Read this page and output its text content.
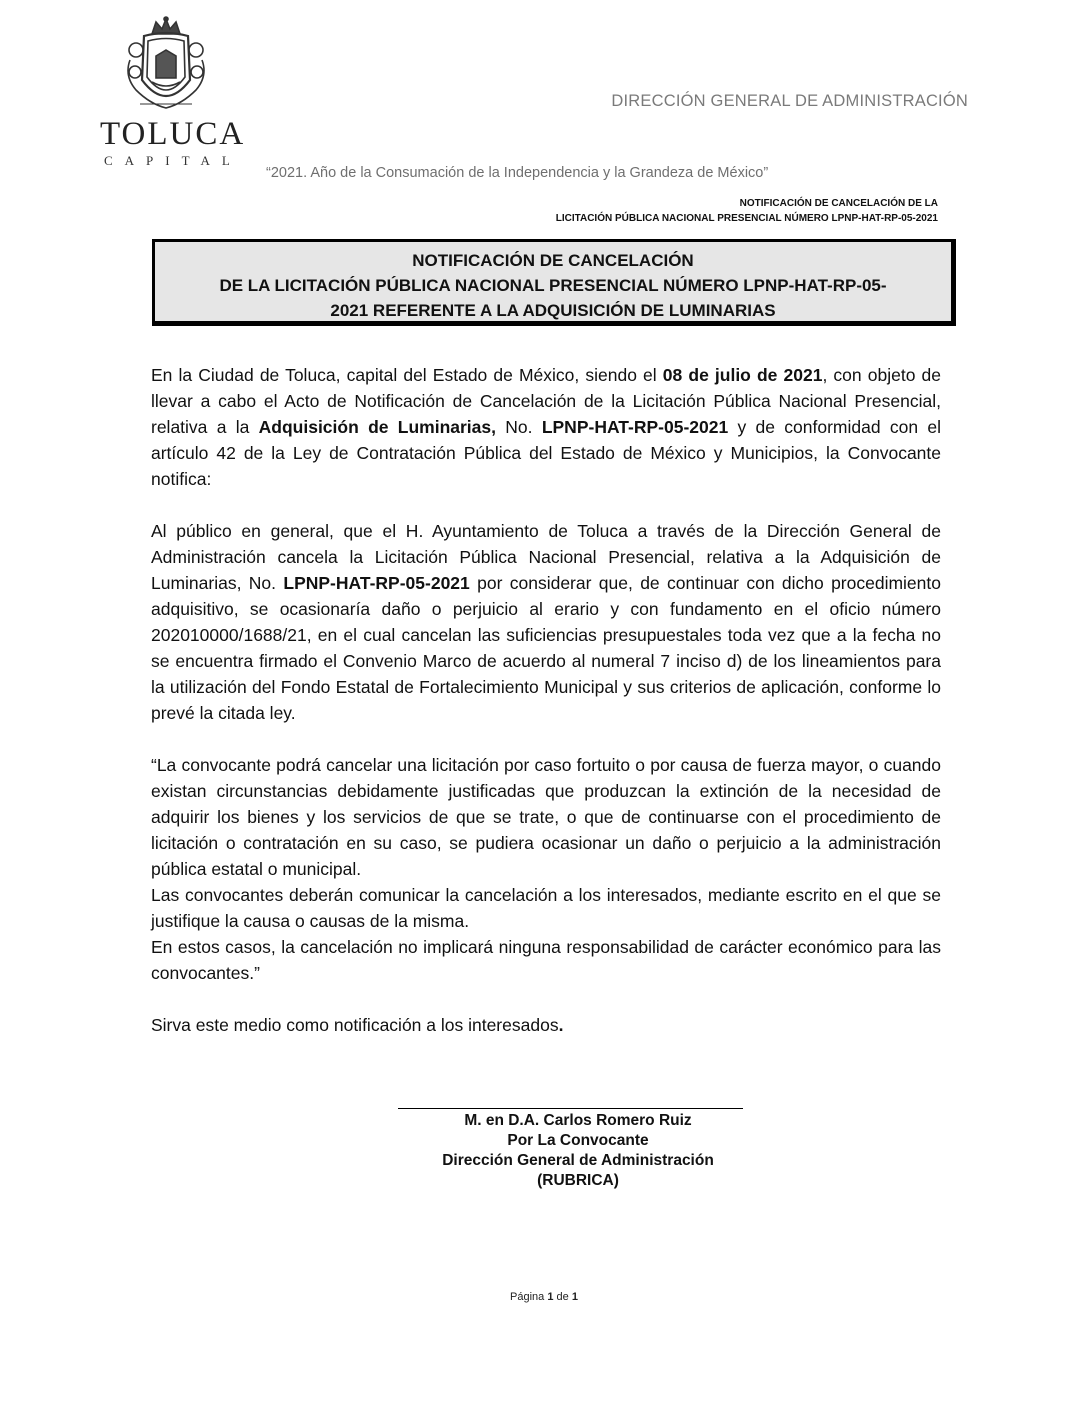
TOLUCA
CAPITAL
DIRECCIÓN GENERAL DE ADMINISTRACIÓN
“2021. Año de la Consumación de la Independencia y la Grandeza de México”
NOTIFICACIÓN DE CANCELACIÓN DE LA
LICITACIÓN PÚBLICA NACIONAL PRESENCIAL NÚMERO LPNP-HAT-RP-05-2021

NOTIFICACIÓN DE CANCELACIÓN

DE LA LICITACIÓN PÚBLICA NACIONAL PRESENCIAL NÚMERO LPNP-HAT-RP-05-

2021 REFERENTE A LA ADQUISICIÓN DE LUMINARIAS

En la Ciudad de Toluca, capital del Estado de México, siendo el 08 de julio de 2021, con objeto de llevar a cabo el Acto de Notificación de Cancelación de la Licitación Pública Nacional Presencial, relativa a la Adquisición de Luminarias, No. LPNP-HAT-RP-05-2021 y de conformidad con el artículo 42 de la Ley de Contratación Pública del Estado de México y Municipios, la Convocante notifica:

Al público en general, que el H. Ayuntamiento de Toluca a través de la Dirección General de Administración cancela la Licitación Pública Nacional Presencial, relativa a la Adquisición de Luminarias, No. LPNP-HAT-RP-05-2021 por considerar que, de continuar con dicho procedimiento adquisitivo, se ocasionaría daño o perjuicio al erario y con fundamento en el oficio número 202010000/1688/21, en el cual cancelan las suficiencias presupuestales toda vez que a la fecha no se encuentra firmado el Convenio Marco de acuerdo al numeral 7 inciso d) de los lineamientos para la utilización del Fondo Estatal de Fortalecimiento Municipal y sus criterios de aplicación, conforme lo prevé la citada ley.

“La convocante podrá cancelar una licitación por caso fortuito o por causa de fuerza mayor, o cuando existan circunstancias debidamente justificadas que produzcan la extinción de la necesidad de adquirir los bienes y los servicios de que se trate, o que de continuarse con el procedimiento de licitación o contratación en su caso, se pudiera ocasionar un daño o perjuicio a la administración pública estatal o municipal.

Las convocantes deberán comunicar la cancelación a los interesados, mediante escrito en el que se justifique la causa o causas de la misma.

En estos casos, la cancelación no implicará ninguna responsabilidad de carácter económico para las convocantes.”

Sirva este medio como notificación a los interesados.

M. en D.A. Carlos Romero Ruiz
Por La Convocante
Dirección General de Administración
(RUBRICA)
Página 1 de 1
